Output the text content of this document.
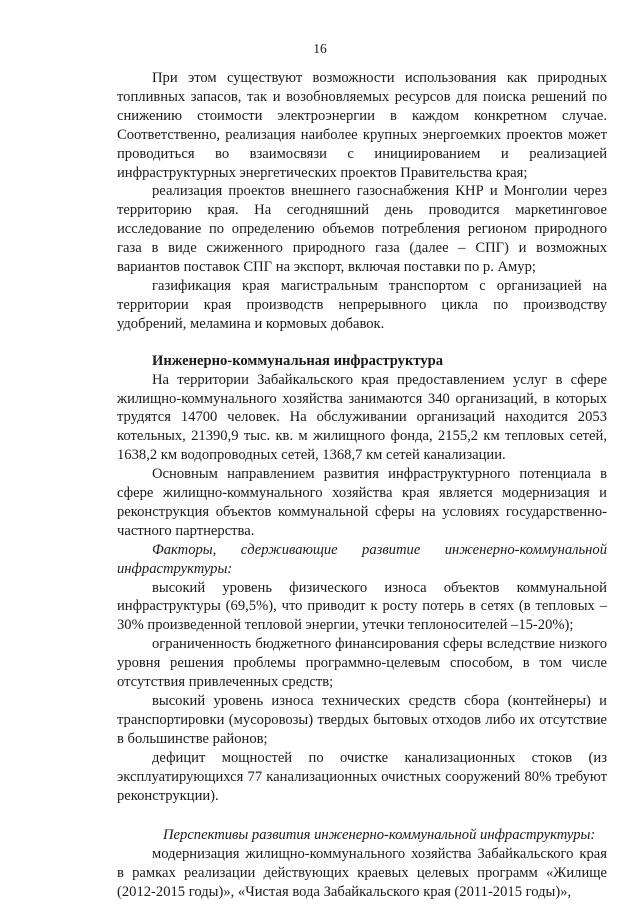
16

При этом существуют возможности использования как природных топливных запасов, так и возобновляемых ресурсов для поиска решений по снижению стоимости электроэнергии в каждом конкретном случае. Соответственно, реализация наиболее крупных энергоемких проектов может проводиться во взаимосвязи с инициированием и реализацией инфраструктурных энергетических проектов Правительства края;

реализация проектов внешнего газоснабжения КНР и Монголии через территорию края. На сегодняшний день проводится маркетинговое исследование по определению объемов потребления регионом природного газа в виде сжиженного природного газа (далее – СПГ) и возможных вариантов поставок СПГ на экспорт, включая поставки по р. Амур;

газификация края магистральным транспортом с организацией на территории края производств непрерывного цикла по производству удобрений, меламина и кормовых добавок.

Инженерно-коммунальная инфраструктура

На территории Забайкальского края предоставлением услуг в сфере жилищно-коммунального хозяйства занимаются 340 организаций, в которых трудятся 14700 человек. На обслуживании организаций находится 2053 котельных, 21390,9 тыс. кв. м жилищного фонда, 2155,2 км тепловых сетей, 1638,2 км водопроводных сетей, 1368,7 км сетей канализации.

Основным направлением развития инфраструктурного потенциала в сфере жилищно-коммунального хозяйства края является модернизация и реконструкция объектов коммунальной сферы на условиях государственно-частного партнерства.

Факторы, сдерживающие развитие инженерно-коммунальной инфраструктуры:

высокий уровень физического износа объектов коммунальной инфраструктуры (69,5%), что приводит к росту потерь в сетях (в тепловых – 30% произведенной тепловой энергии, утечки теплоносителей –15-20%);

ограниченность бюджетного финансирования сферы вследствие низкого уровня решения проблемы программно-целевым способом, в том числе отсутствия привлеченных средств;

высокий уровень износа технических средств сбора (контейнеры) и транспортировки (мусоровозы) твердых бытовых отходов либо их отсутствие в большинстве районов;

дефицит мощностей по очистке канализационных стоков (из эксплуатирующихся 77 канализационных очистных сооружений 80% требуют реконструкции).

Перспективы развития инженерно-коммунальной инфраструктуры:

модернизация жилищно-коммунального хозяйства Забайкальского края в рамках реализации действующих краевых целевых программ «Жилище (2012-2015 годы)», «Чистая вода Забайкальского края (2011-2015 годы)»,
